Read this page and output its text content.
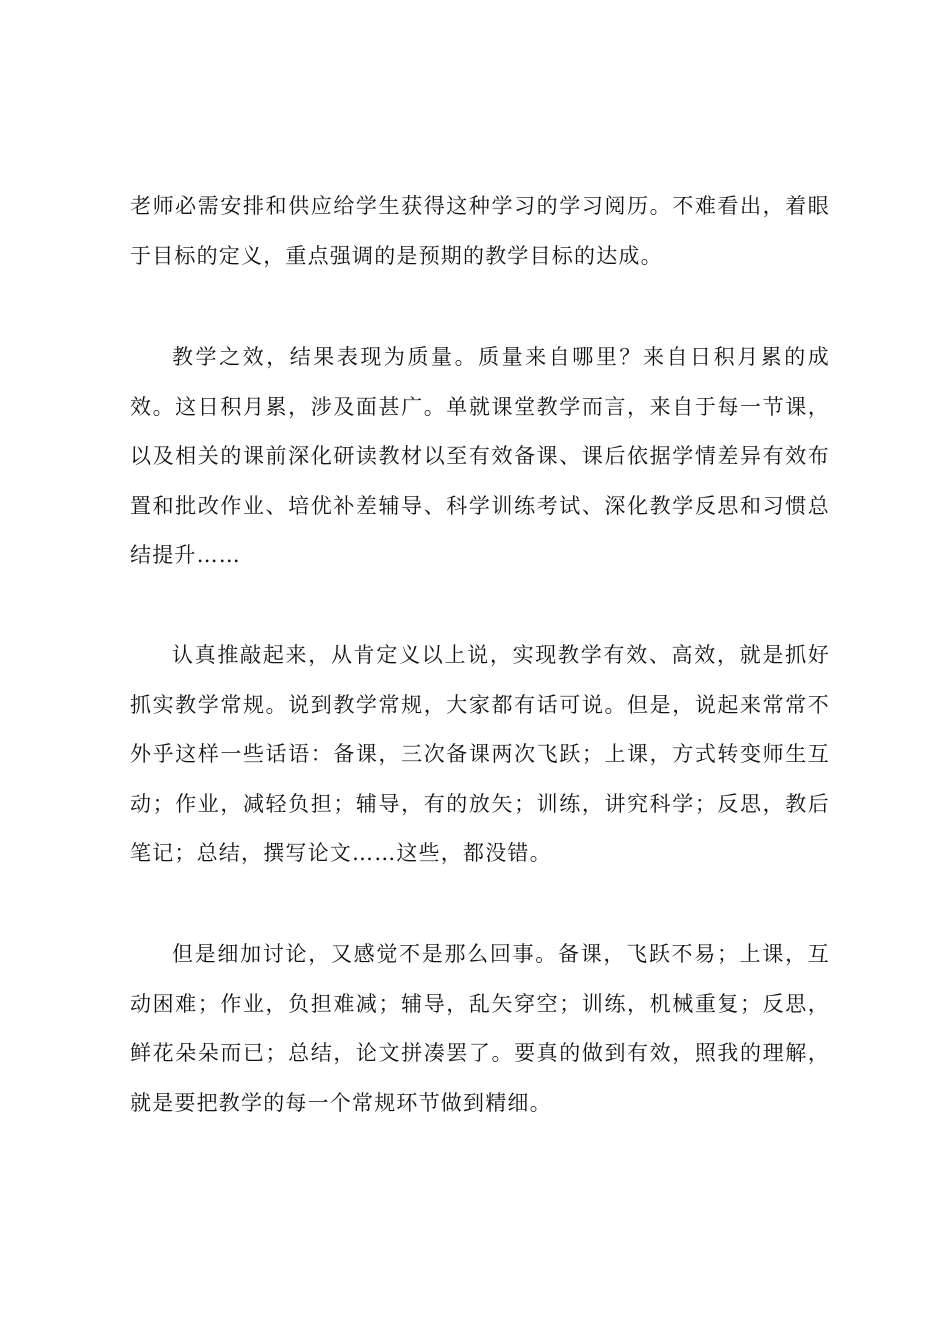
老师必需安排和供应给学生获得这种学习的学习阅历。不难看出，着眼于目标的定义，重点强调的是预期的教学目标的达成。

教学之效，结果表现为质量。质量来自哪里？来自日积月累的成效。这日积月累，涉及面甚广。单就课堂教学而言，来自于每一节课，以及相关的课前深化研读教材以至有效备课、课后依据学情差异有效布置和批改作业、培优补差辅导、科学训练考试、深化教学反思和习惯总结提升……

认真推敲起来，从肯定义以上说，实现教学有效、高效，就是抓好抓实教学常规。说到教学常规，大家都有话可说。但是，说起来常常不外乎这样一些话语：备课，三次备课两次飞跃；上课，方式转变师生互动；作业，减轻负担；辅导，有的放矢；训练，讲究科学；反思，教后笔记；总结，撰写论文……这些，都没错。

但是细加讨论，又感觉不是那么回事。备课，飞跃不易；上课，互动困难；作业，负担难减；辅导，乱矢穿空；训练，机械重复；反思，鲜花朵朵而已；总结，论文拼凑罢了。要真的做到有效，照我的理解，就是要把教学的每一个常规环节做到精细。
